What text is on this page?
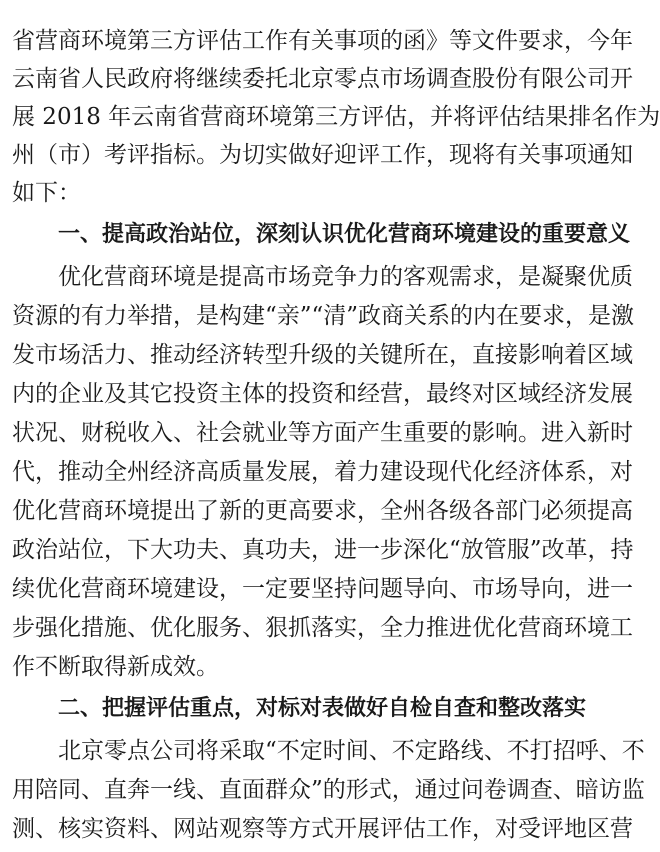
省营商环境第三方评估工作有关事项的函》等文件要求，今年
云南省人民政府将继续委托北京零点市场调查股份有限公司开
展 2018 年云南省营商环境第三方评估，并将评估结果排名作为
州（市）考评指标。为切实做好迎评工作，现将有关事项通知
如下：
一、提高政治站位，深刻认识优化营商环境建设的重要意义
优化营商环境是提高市场竞争力的客观需求，是凝聚优质
资源的有力举措，是构建“亲”“清”政商关系的内在要求，是激
发市场活力、推动经济转型升级的关键所在，直接影响着区域
内的企业及其它投资主体的投资和经营，最终对区域经济发展
状况、财税收入、社会就业等方面产生重要的影响。进入新时
代，推动全州经济高质量发展，着力建设现代化经济体系，对
优化营商环境提出了新的更高要求，全州各级各部门必须提高
政治站位，下大功夫、真功夫，进一步深化“放管服”改革，持
续优化营商环境建设，一定要坚持问题导向、市场导向，进一
步强化措施、优化服务、狠抓落实，全力推进优化营商环境工
作不断取得新成效。
二、把握评估重点，对标对表做好自检自查和整改落实
北京零点公司将采取“不定时间、不定路线、不打招呼、不
用陪同、直奔一线、直面群众”的形式，通过问卷调查、暗访监
测、核实资料、网站观察等方式开展评估工作，对受评地区营
